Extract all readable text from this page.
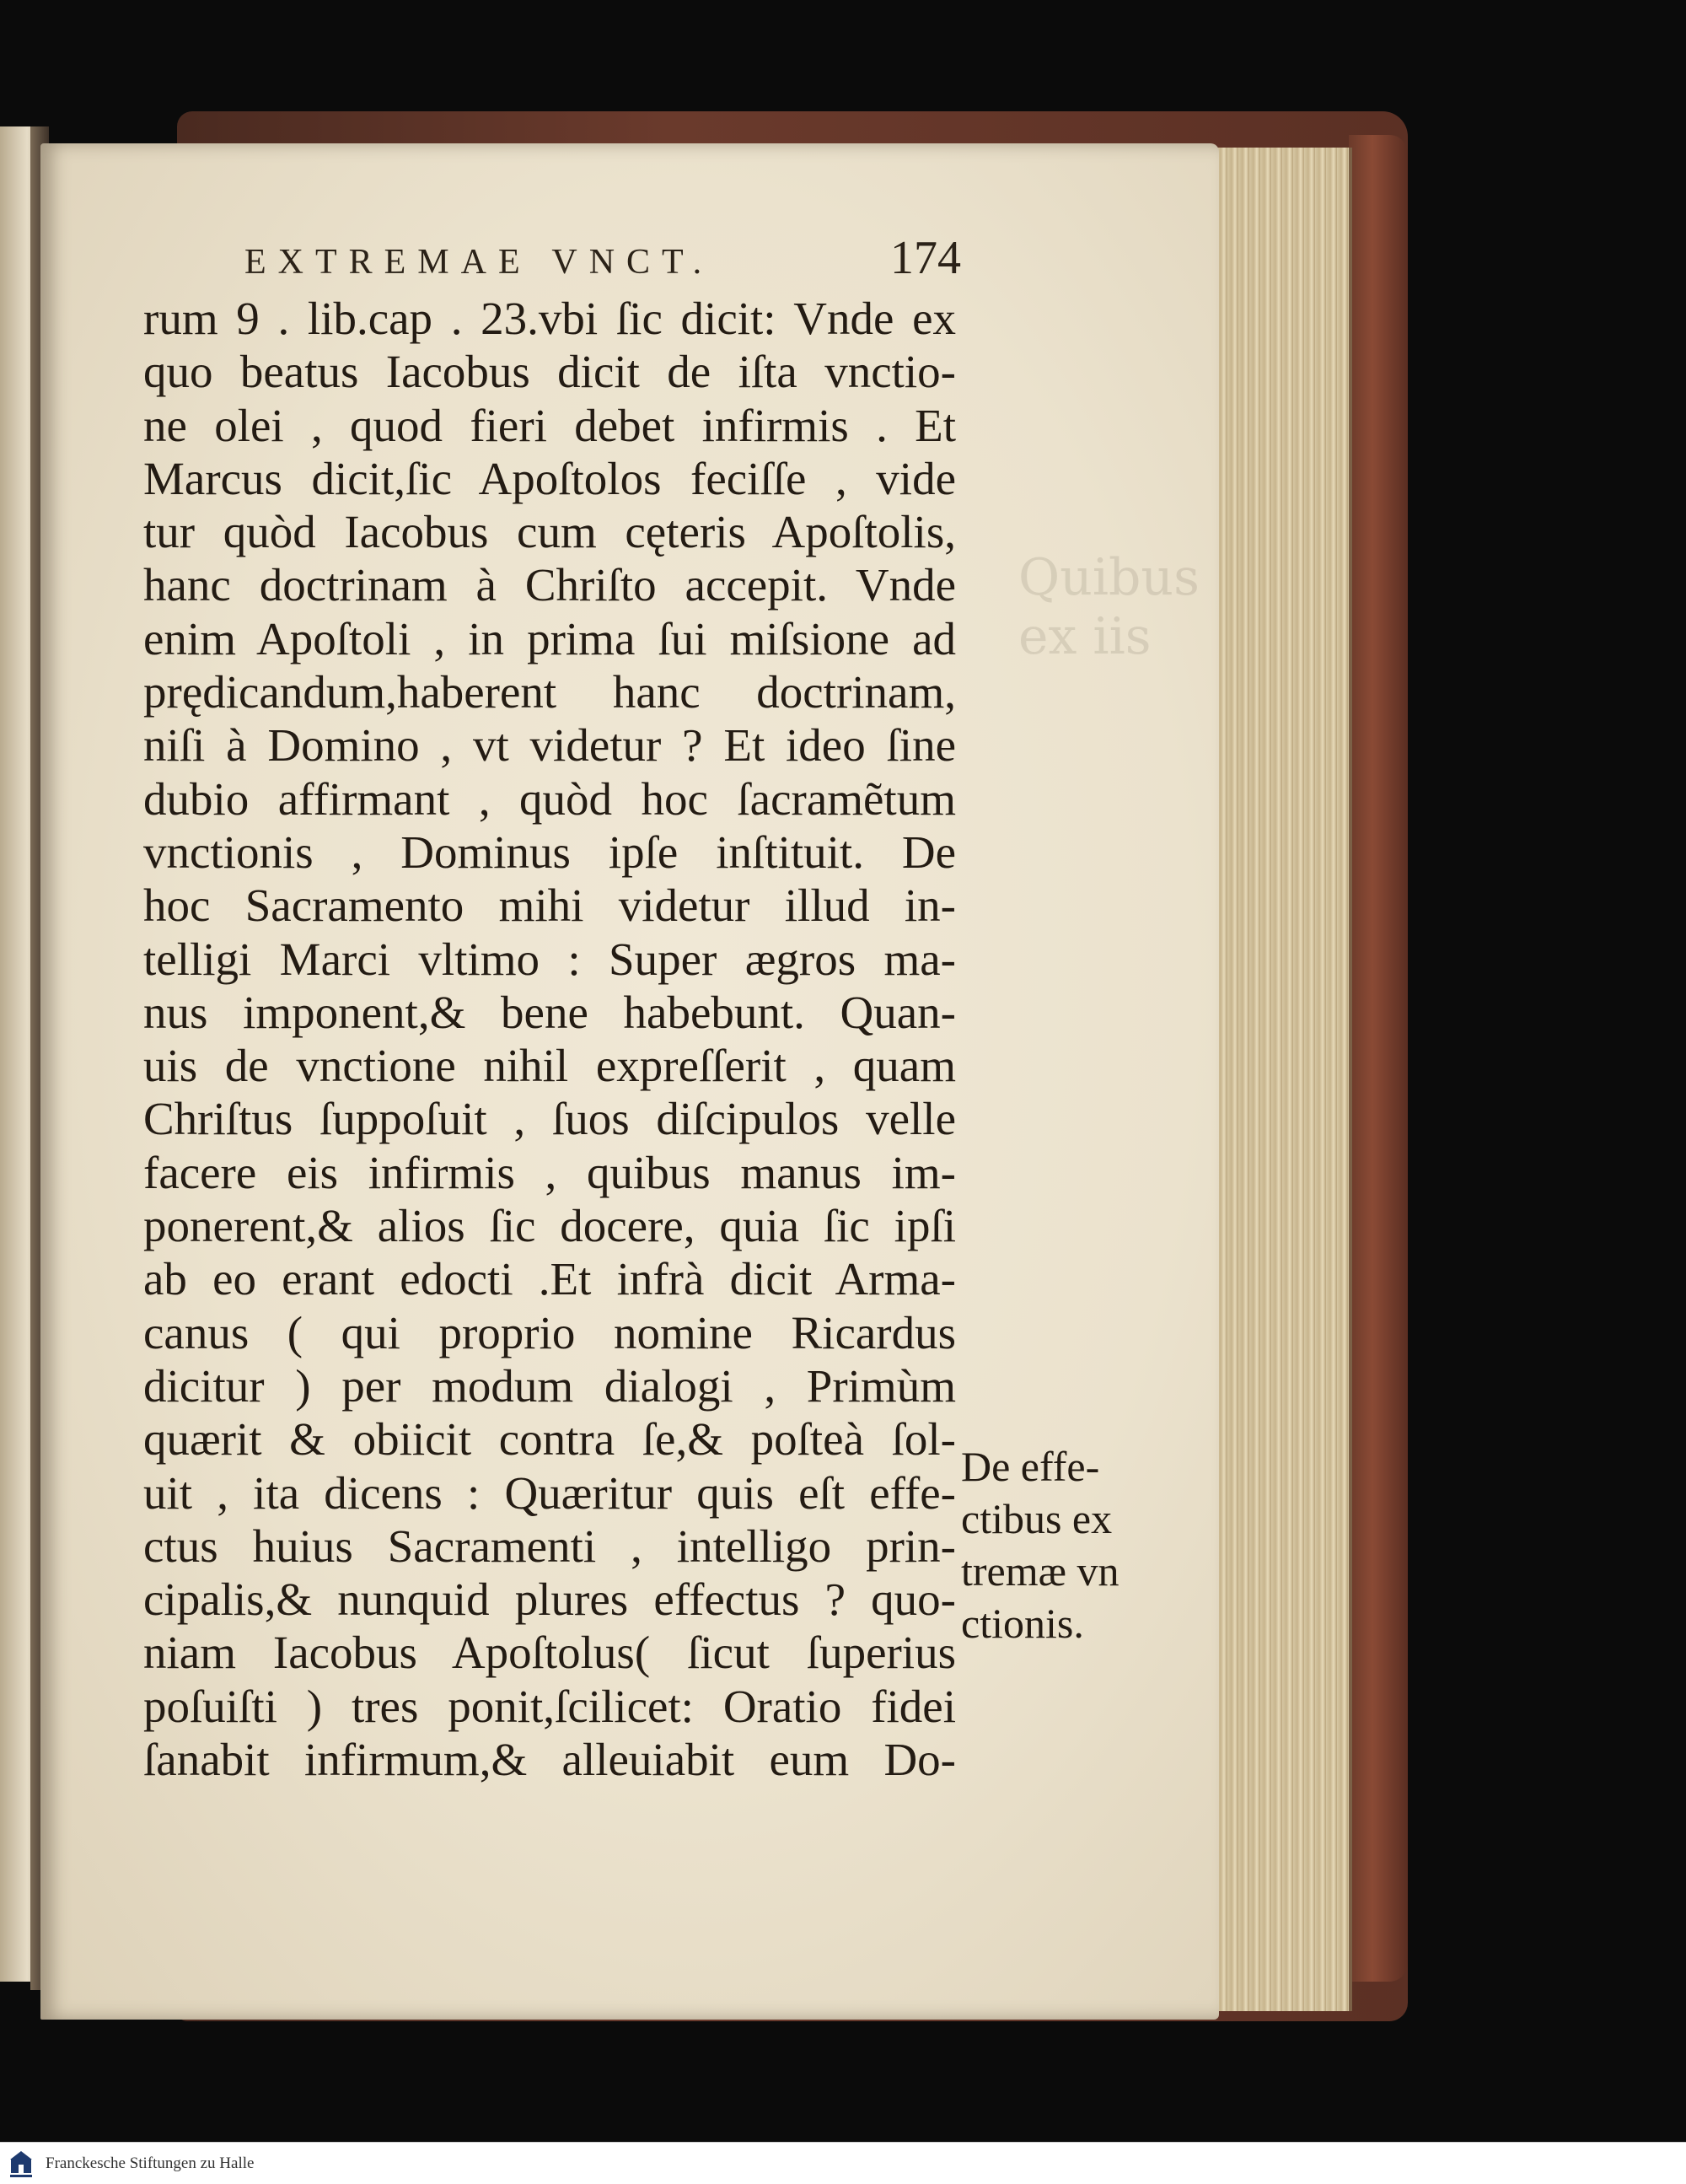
Quibus
ex iis
EXTREMAE VNCT.	174
rum 9 . lib.cap . 23.vbi ſic dicit: Vnde ex
quo beatus Iacobus dicit de iſta vnctio-
ne olei , quod fieri debet infirmis . Et
Marcus dicit,ſic Apoſtolos feciſſe , vide
tur quòd Iacobus cum cęteris Apoſtolis,
hanc doctrinam à Chriſto accepit. Vnde
enim Apoſtoli , in prima ſui miſsione ad
prędicandum,haberent hanc doctrinam,
niſi à Domino , vt videtur ? Et ideo ſine
dubio affirmant , quòd hoc ſacramẽtum
vnctionis , Dominus ipſe inſtituit. De
hoc Sacramento mihi videtur illud in-
telligi Marci vltimo : Super ægros ma-
nus imponent,& bene habebunt. Quan-
uis de vnctione nihil expreſſerit , quam
Chriſtus ſuppoſuit , ſuos diſcipulos velle
facere eis infirmis , quibus manus im-
ponerent,& alios ſic docere, quia ſic ipſi
ab eo erant edocti .Et infrà dicit Arma-
canus ( qui proprio nomine Ricardus
dicitur ) per modum dialogi , Primùm
quærit & obiicit contra ſe,& poſteà ſol-
uit , ita dicens : Quæritur quis eſt effe-
ctus huius Sacramenti , intelligo prin-
cipalis,& nunquid plures effectus ? quo-
niam Iacobus Apoſtolus( ſicut ſuperius
poſuiſti ) tres ponit,ſcilicet: Oratio fidei
ſanabit infirmum,& alleuiabit eum Do-
De effe-
ctibus ex
tremæ vn
ctionis.
Franckesche Stiftungen zu Halle
